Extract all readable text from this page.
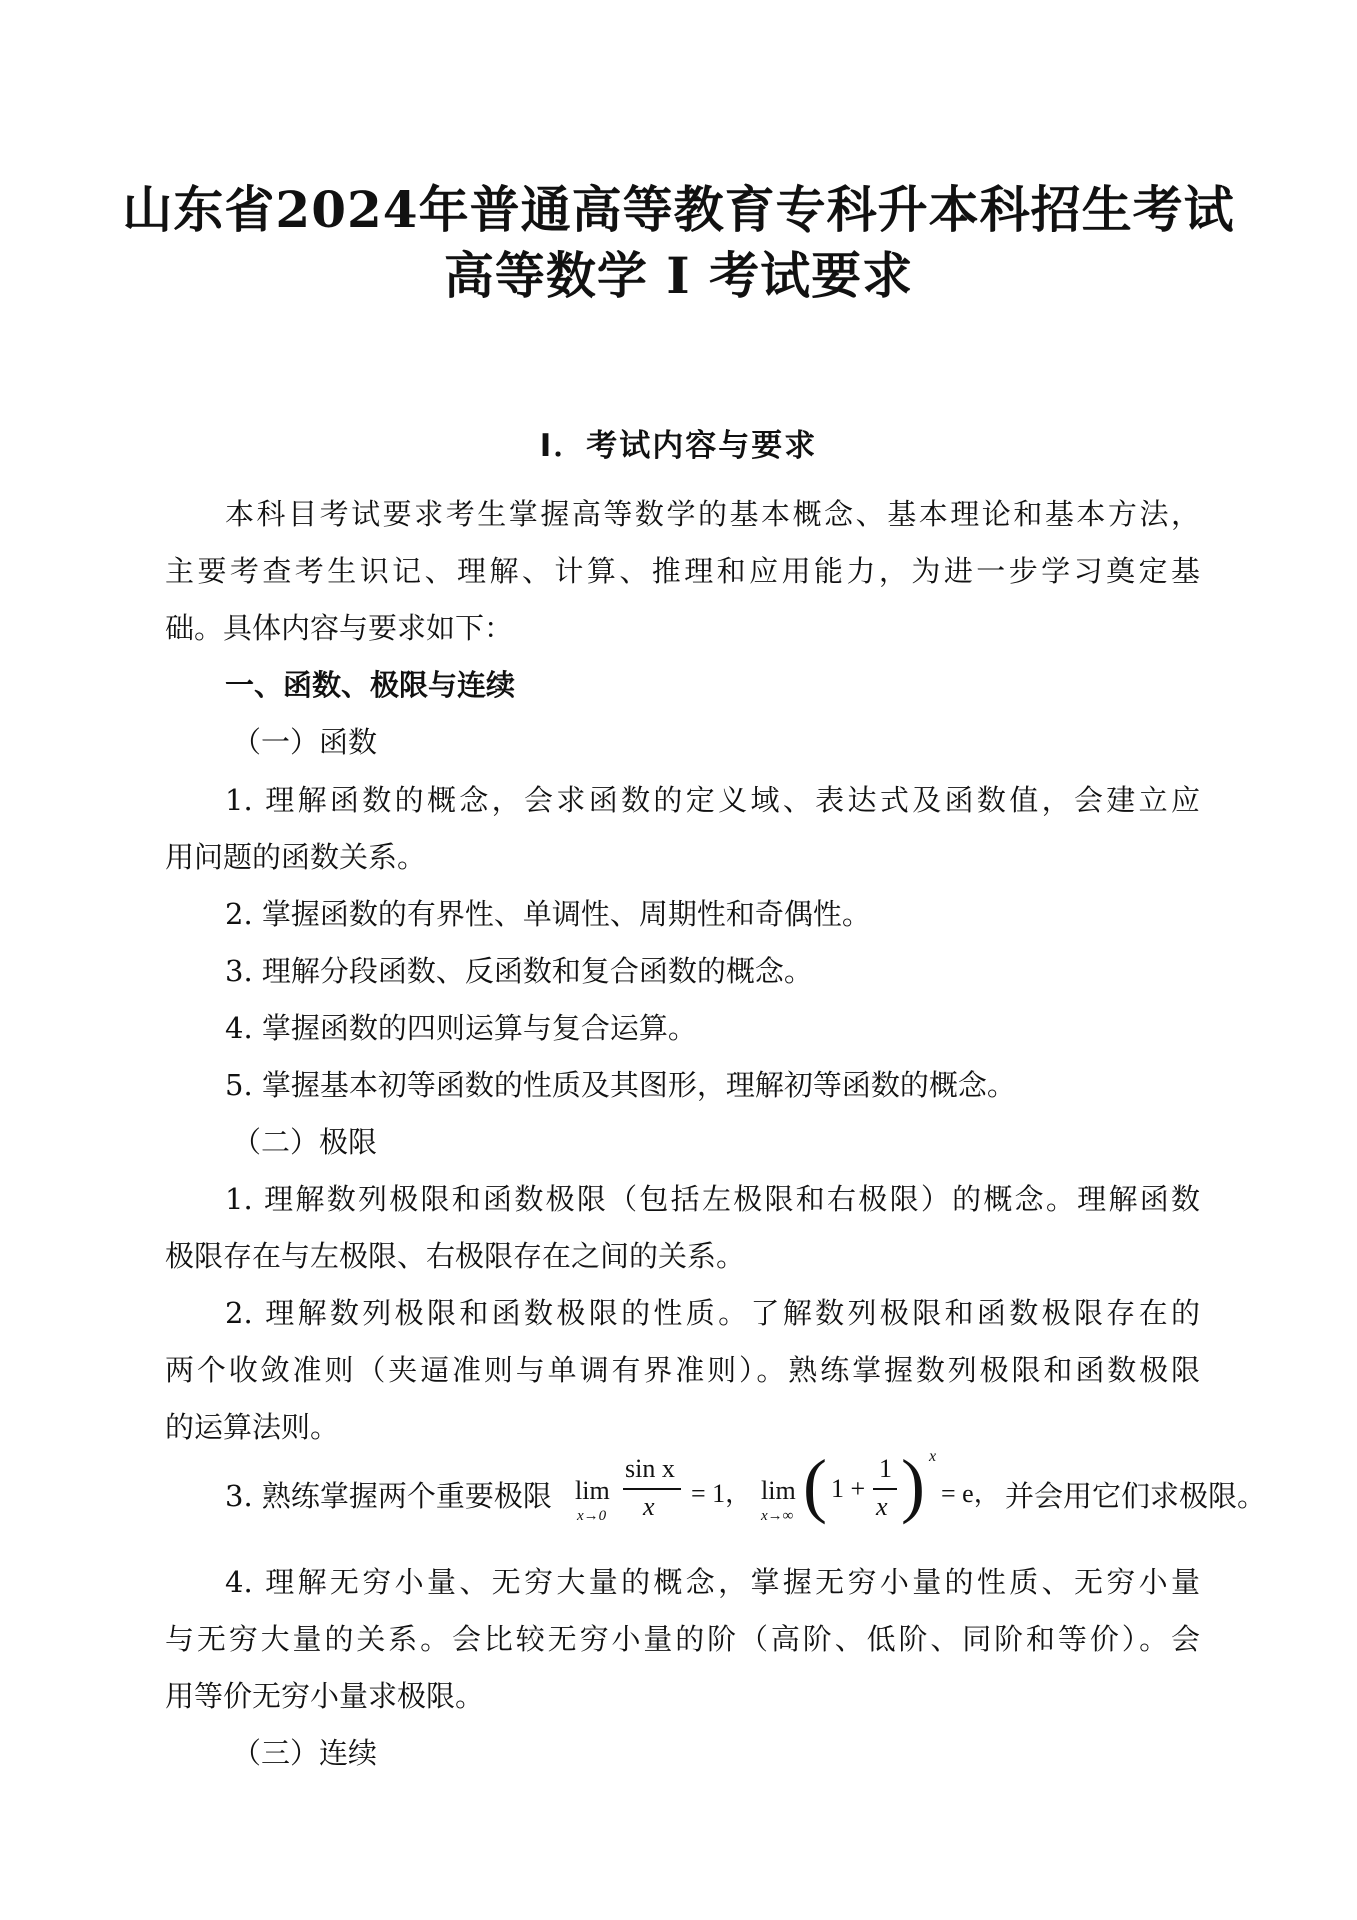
山东省2024年普通高等教育专科升本科招生考试
高等数学 I 考试要求
I．考试内容与要求
本科目考试要求考生掌握高等数学的基本概念、基本理论和基本方法，
主要考查考生识记、理解、计算、推理和应用能力，为进一步学习奠定基
础。具体内容与要求如下：
一、函数、极限与连续
（一）函数
1. 理解函数的概念，会求函数的定义域、表达式及函数值，会建立应
用问题的函数关系。
2. 掌握函数的有界性、单调性、周期性和奇偶性。
3. 理解分段函数、反函数和复合函数的概念。
4. 掌握函数的四则运算与复合运算。
5. 掌握基本初等函数的性质及其图形，理解初等函数的概念。
（二）极限
1. 理解数列极限和函数极限（包括左极限和右极限）的概念。理解函数
极限存在与左极限、右极限存在之间的关系。
2. 理解数列极限和函数极限的性质。了解数列极限和函数极限存在的
两个收敛准则（夹逼准则与单调有界准则）。熟练掌握数列极限和函数极限
的运算法则。
3. 熟练掌握两个重要极限 lim
x→0
sin x
x = 1， lim
x→∞ ( 1 +
1
x ) x
= e， 并会用它们求极限。
4. 理解无穷小量、无穷大量的概念，掌握无穷小量的性质、无穷小量
与无穷大量的关系。会比较无穷小量的阶（高阶、低阶、同阶和等价）。会
用等价无穷小量求极限。
（三）连续
